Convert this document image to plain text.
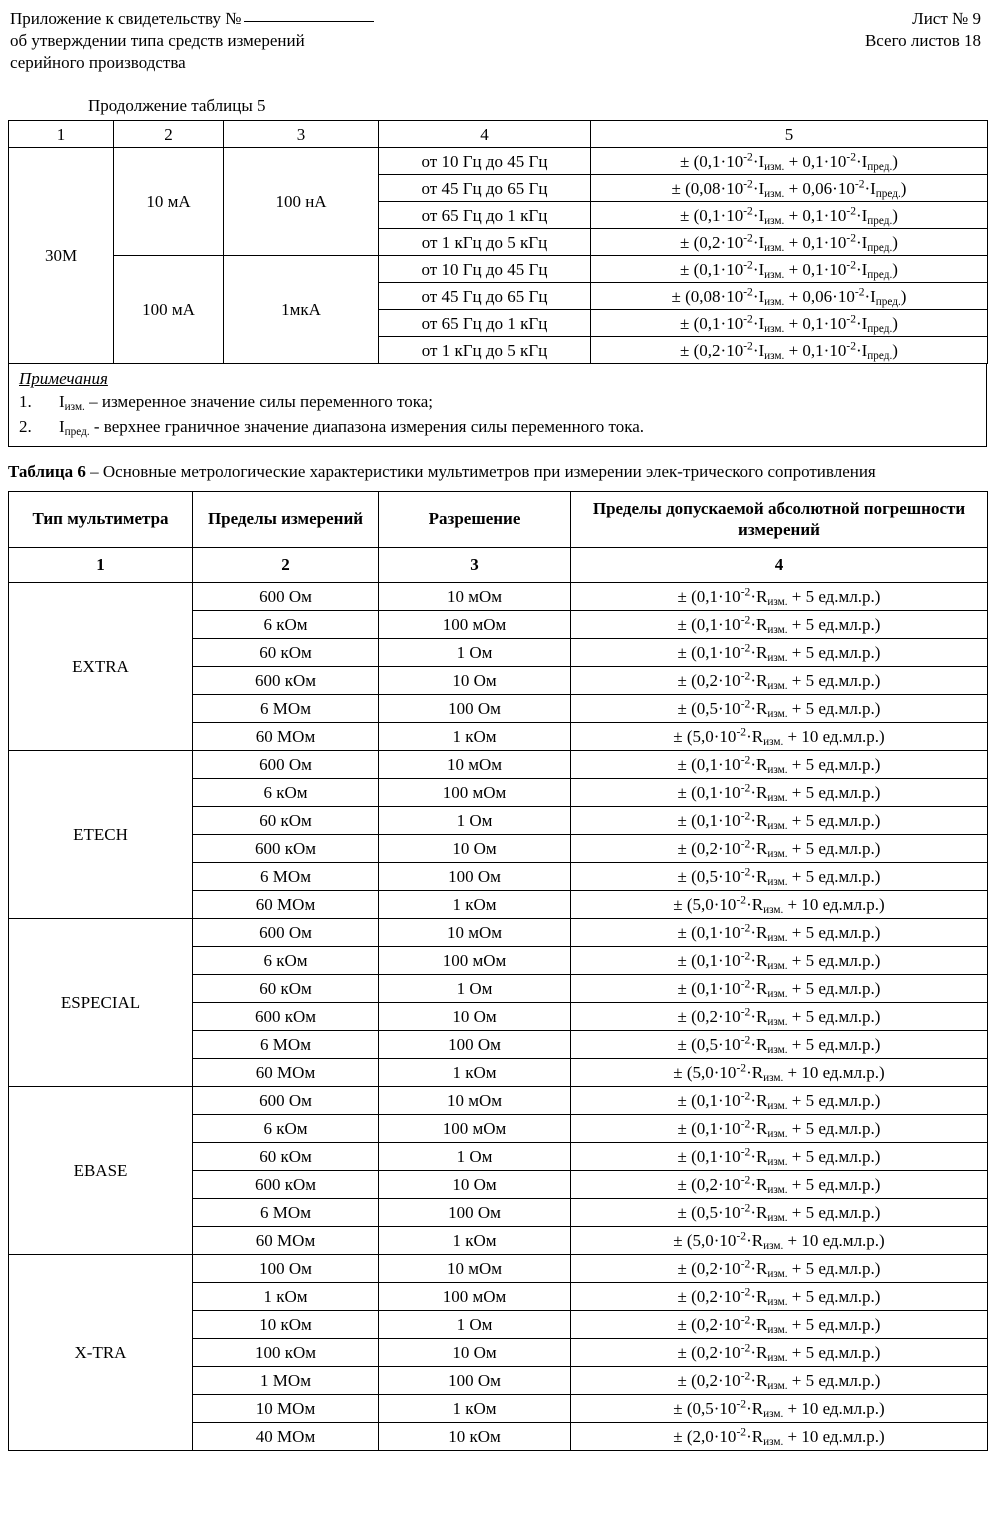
Приложение к свидетельству №
об утверждении типа средств измерений
серийного производства
Лист № 9
Всего листов 18
Продолжение таблицы 5
1	2	3	4	5
30М	10 мА	100 нА	от 10 Гц до 45 Гц	± $(0,1\cdot 10^{-2}\cdot I_{изм.} + 0,1\cdot 10^{-2}\cdot I_{пред.})$
			от 45 Гц до 65 Гц	± $(0,08\cdot 10^{-2}\cdot I_{изм.} + 0,06\cdot 10^{-2}\cdot I_{пред.})$
			от 65 Гц до 1 кГц	± $(0,1\cdot 10^{-2}\cdot I_{изм.} + 0,1\cdot 10^{-2}\cdot I_{пред.})$
			от 1 кГц до 5 кГц	± $(0,2\cdot 10^{-2}\cdot I_{изм.} + 0,1\cdot 10^{-2}\cdot I_{пред.})$
	100 мА	1мкА	от 10 Гц до 45 Гц	± $(0,1\cdot 10^{-2}\cdot I_{изм.} + 0,1\cdot 10^{-2}\cdot I_{пред.})$
			от 45 Гц до 65 Гц	± $(0,08\cdot 10^{-2}\cdot I_{изм.} + 0,06\cdot 10^{-2}\cdot I_{пред.})$
			от 65 Гц до 1 кГц	± $(0,1\cdot 10^{-2}\cdot I_{изм.} + 0,1\cdot 10^{-2}\cdot I_{пред.})$
			от 1 кГц до 5 кГц	± $(0,2\cdot 10^{-2}\cdot I_{изм.} + 0,1\cdot 10^{-2}\cdot I_{пред.})$
Примечания
1. $I_{изм.}$ – измеренное значение силы переменного тока;
2. $I_{пред.}$ - верхнее граничное значение диапазона измерения силы переменного тока.
Таблица 6 – Основные метрологические характеристики мультиметров при измерении элек-трического сопротивления
Тип мультиметра	Пределы измерений	Разрешение	Пределы допускаемой абсолютной погрешности измерений
1	2	3	4
EXTRA	600 Ом	10 мОм	± ($0,1\cdot 10^{-2}\cdot R_{изм.} + 5$ ед.мл.р.)
	6 кОм	100 мОм	± ($0,1\cdot 10^{-2}\cdot R_{изм.} + 5$ ед.мл.р.)
	60 кОм	1 Ом	± ($0,1\cdot 10^{-2}\cdot R_{изм.} + 5$ ед.мл.р.)
	600 кОм	10 Ом	± ($0,2\cdot 10^{-2}\cdot R_{изм.} + 5$ ед.мл.р.)
	6 МОм	100 Ом	± ($0,5\cdot 10^{-2}\cdot R_{изм.} + 5$ ед.мл.р.)
	60 МОм	1 кОм	± ($5,0\cdot 10^{-2}\cdot R_{изм.} + 10$ ед.мл.р.)
ETECH	600 Ом	10 мОм	± ($0,1\cdot 10^{-2}\cdot R_{изм.} + 5$ ед.мл.р.)
	6 кОм	100 мОм	± ($0,1\cdot 10^{-2}\cdot R_{изм.} + 5$ ед.мл.р.)
	60 кОм	1 Ом	± ($0,1\cdot 10^{-2}\cdot R_{изм.} + 5$ ед.мл.р.)
	600 кОм	10 Ом	± ($0,2\cdot 10^{-2}\cdot R_{изм.} + 5$ ед.мл.р.)
	6 МОм	100 Ом	± ($0,5\cdot 10^{-2}\cdot R_{изм.} + 5$ ед.мл.р.)
	60 МОм	1 кОм	± ($5,0\cdot 10^{-2}\cdot R_{изм.} + 10$ ед.мл.р.)
ESPECIAL	600 Ом	10 мОм	± ($0,1\cdot 10^{-2}\cdot R_{изм.} + 5$ ед.мл.р.)
	6 кОм	100 мОм	± ($0,1\cdot 10^{-2}\cdot R_{изм.} + 5$ ед.мл.р.)
	60 кОм	1 Ом	± ($0,1\cdot 10^{-2}\cdot R_{изм.} + 5$ ед.мл.р.)
	600 кОм	10 Ом	± ($0,2\cdot 10^{-2}\cdot R_{изм.} + 5$ ед.мл.р.)
	6 МОм	100 Ом	± ($0,5\cdot 10^{-2}\cdot R_{изм.} + 5$ ед.мл.р.)
	60 МОм	1 кОм	± ($5,0\cdot 10^{-2}\cdot R_{изм.} + 10$ ед.мл.р.)
EBASE	600 Ом	10 мОм	± ($0,1\cdot 10^{-2}\cdot R_{изм.} + 5$ ед.мл.р.)
	6 кОм	100 мОм	± ($0,1\cdot 10^{-2}\cdot R_{изм.} + 5$ ед.мл.р.)
	60 кОм	1 Ом	± ($0,1\cdot 10^{-2}\cdot R_{изм.} + 5$ ед.мл.р.)
	600 кОм	10 Ом	± ($0,2\cdot 10^{-2}\cdot R_{изм.} + 5$ ед.мл.р.)
	6 МОм	100 Ом	± ($0,5\cdot 10^{-2}\cdot R_{изм.} + 5$ ед.мл.р.)
	60 МОм	1 кОм	± ($5,0\cdot 10^{-2}\cdot R_{изм.} + 10$ ед.мл.р.)
X-TRA	100 Ом	10 мОм	± ($0,2\cdot 10^{-2}\cdot R_{изм.} + 5$ ед.мл.р.)
	1 кОм	100 мОм	± ($0,2\cdot 10^{-2}\cdot R_{изм.} + 5$ ед.мл.р.)
	10 кОм	1 Ом	± ($0,2\cdot 10^{-2}\cdot R_{изм.} + 5$ ед.мл.р.)
	100 кОм	10 Ом	± ($0,2\cdot 10^{-2}\cdot R_{изм.} + 5$ ед.мл.р.)
	1 МОм	100 Ом	± ($0,2\cdot 10^{-2}\cdot R_{изм.} + 5$ ед.мл.р.)
	10 МОм	1 кОм	± ($0,5\cdot 10^{-2}\cdot R_{изм.} + 10$ ед.мл.р.)
	40 МОм	10 кОм	± ($2,0\cdot 10^{-2}\cdot R_{изм.} + 10$ ед.мл.р.)
